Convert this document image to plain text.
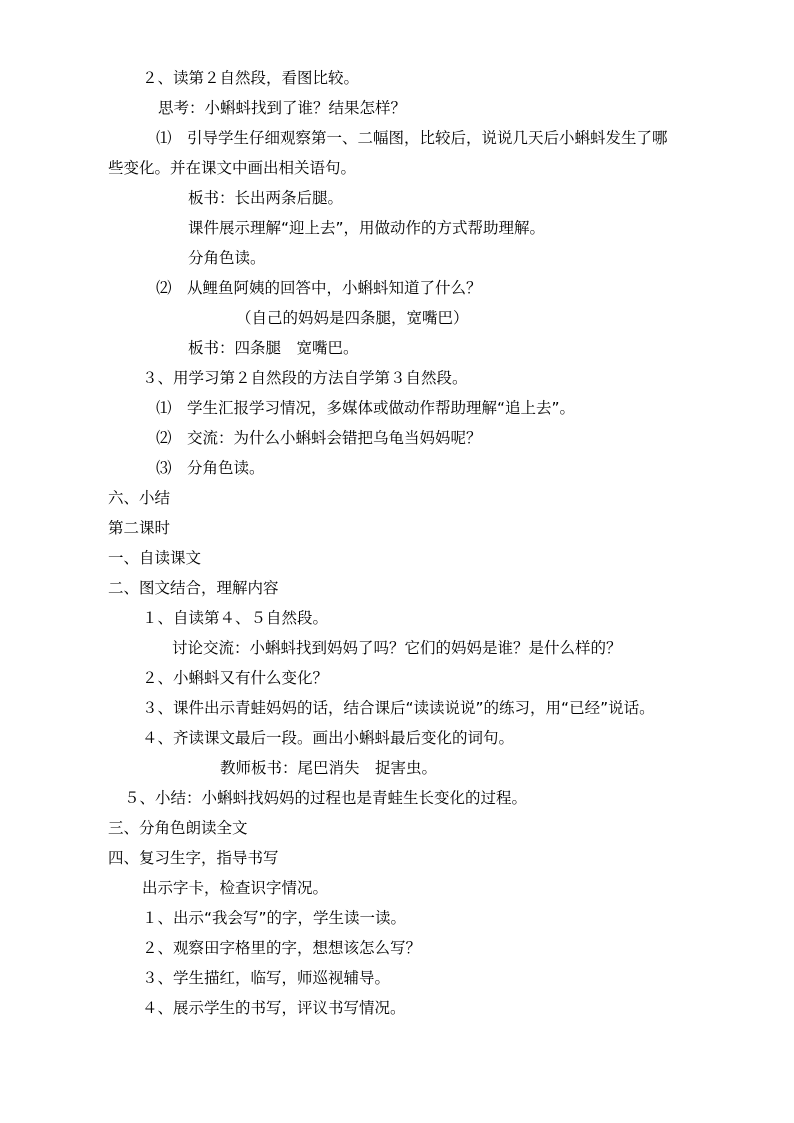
２、读第２自然段，看图比较。
思考：小蝌蚪找到了谁？结果怎样？
⑴　引导学生仔细观察第一、二幅图，比较后，说说几天后小蝌蚪发生了哪
些变化。并在课文中画出相关语句。
板书：长出两条后腿。
课件展示理解“迎上去”，用做动作的方式帮助理解。
分角色读。
⑵　从鲤鱼阿姨的回答中，小蝌蚪知道了什么？
（自己的妈妈是四条腿，宽嘴巴）
板书：四条腿　宽嘴巴。
３、用学习第２自然段的方法自学第３自然段。
⑴　学生汇报学习情况，多媒体或做动作帮助理解“追上去”。
⑵　交流：为什么小蝌蚪会错把乌龟当妈妈呢？
⑶　分角色读。
六、小结
第二课时
一、自读课文
二、图文结合，理解内容
１、自读第４、５自然段。
讨论交流：小蝌蚪找到妈妈了吗？它们的妈妈是谁？是什么样的？
２、小蝌蚪又有什么变化？
３、课件出示青蛙妈妈的话，结合课后“读读说说”的练习，用“已经”说话。
４、齐读课文最后一段。画出小蝌蚪最后变化的词句。
教师板书：尾巴消失　捉害虫。
５、小结：小蝌蚪找妈妈的过程也是青蛙生长变化的过程。
三、分角色朗读全文
四、复习生字，指导书写
出示字卡，检查识字情况。
１、出示“我会写”的字，学生读一读。
２、观察田字格里的字，想想该怎么写？
３、学生描红，临写，师巡视辅导。
４、展示学生的书写，评议书写情况。
